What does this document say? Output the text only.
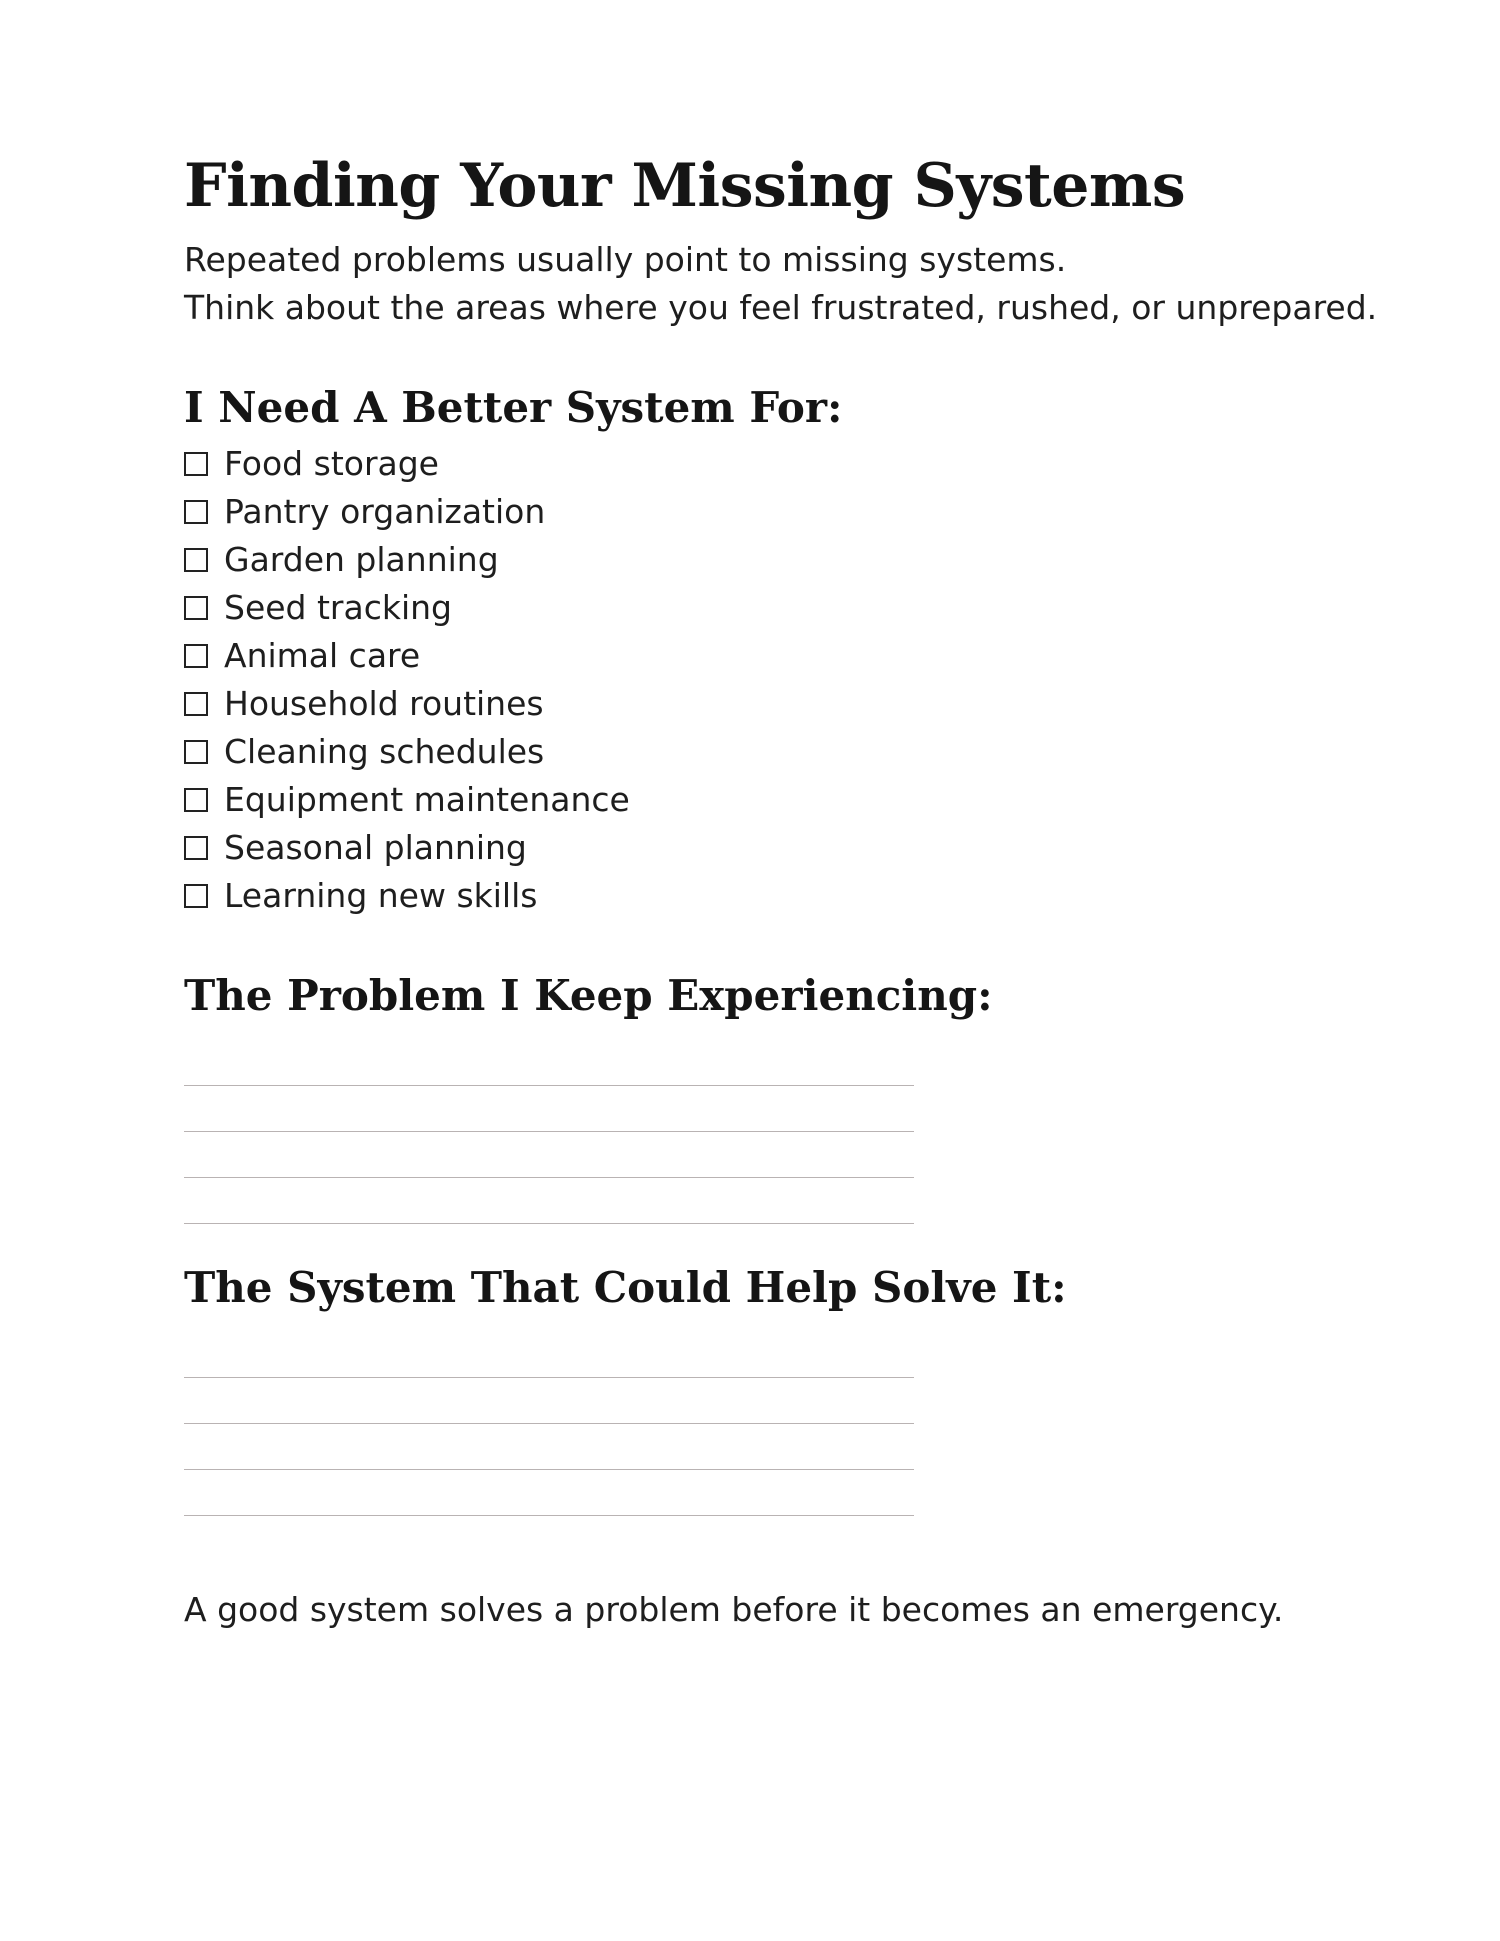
Finding Your Missing Systems

Repeated problems usually point to missing systems.
Think about the areas where you feel frustrated, rushed, or unprepared.

I Need A Better System For:
Food storage
Pantry organization
Garden planning
Seed tracking
Animal care
Household routines
Cleaning schedules
Equipment maintenance
Seasonal planning
Learning new skills
The Problem I Keep Experiencing:
The System That Could Help Solve It:

A good system solves a problem before it becomes an emergency.
